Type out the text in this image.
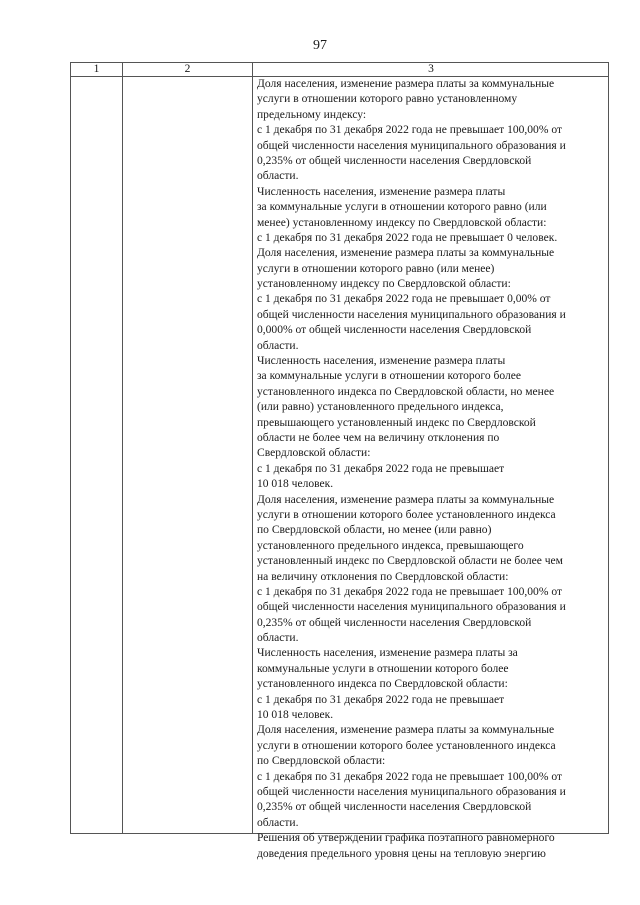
97
1	2	3
Доля населения, изменение размера платы за коммунальные
услуги в отношении которого равно установленному
предельному индексу:
с 1 декабря по 31 декабря 2022 года не превышает 100,00% от
общей численности населения муниципального образования и
0,235% от общей численности населения Свердловской
области.
Численность населения, изменение размера платы
за коммунальные услуги в отношении которого равно (или
менее) установленному индексу по Свердловской области:
с 1 декабря по 31 декабря 2022 года не превышает 0 человек.
Доля населения, изменение размера платы за коммунальные
услуги в отношении которого равно (или менее)
установленному индексу по Свердловской области:
с 1 декабря по 31 декабря 2022 года не превышает 0,00% от
общей численности населения муниципального образования и
0,000% от общей численности населения Свердловской
области.
Численность населения, изменение размера платы
за коммунальные услуги в отношении которого более
установленного индекса по Свердловской области, но менее
(или равно) установленного предельного индекса,
превышающего установленный индекс по Свердловской
области не более чем на величину отклонения по
Свердловской области:
с 1 декабря по 31 декабря 2022 года не превышает
10 018 человек.
Доля населения, изменение размера платы за коммунальные
услуги в отношении которого более установленного индекса
по Свердловской области, но менее (или равно)
установленного предельного индекса, превышающего
установленный индекс по Свердловской области не более чем
на величину отклонения по Свердловской области:
с 1 декабря по 31 декабря 2022 года не превышает 100,00% от
общей численности населения муниципального образования и
0,235% от общей численности населения Свердловской
области.
Численность населения, изменение размера платы за
коммунальные услуги в отношении которого более
установленного индекса по Свердловской области:
с 1 декабря по 31 декабря 2022 года не превышает
10 018 человек.
Доля населения, изменение размера платы за коммунальные
услуги в отношении которого более установленного индекса
по Свердловской области:
с 1 декабря по 31 декабря 2022 года не превышает 100,00% от
общей численности населения муниципального образования и
0,235% от общей численности населения Свердловской
области.
Решения об утверждении графика поэтапного равномерного
доведения предельного уровня цены на тепловую энергию
